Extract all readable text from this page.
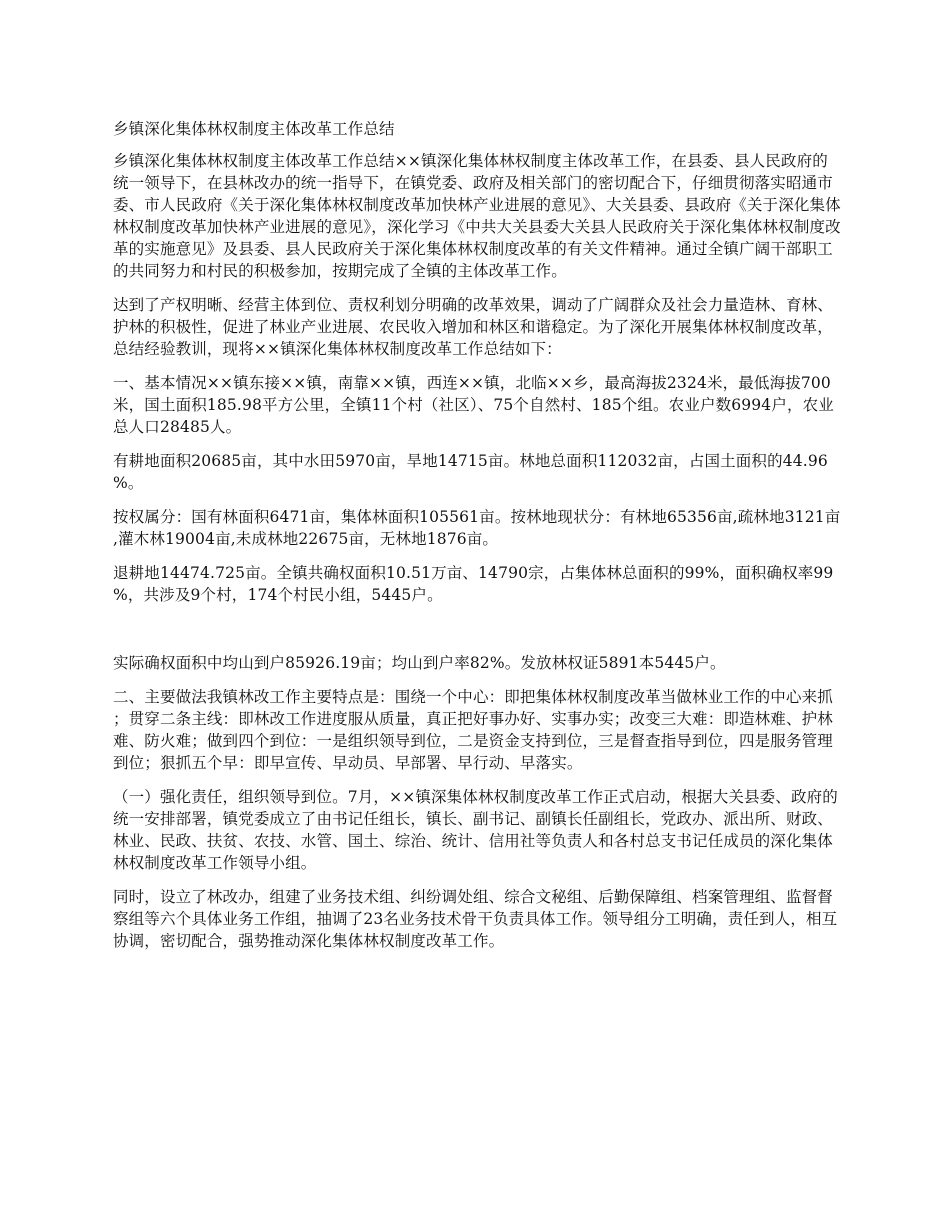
乡镇深化集体林权制度主体改革工作总结

乡镇深化集体林权制度主体改革工作总结××镇深化集体林权制度主体改革工作，在县委、县人民政府的统一领导下，在县林改办的统一指导下，在镇党委、政府及相关部门的密切配合下，仔细贯彻落实昭通市委、市人民政府《关于深化集体林权制度改革加快林产业进展的意见》、大关县委、县政府《关于深化集体林权制度改革加快林产业进展的意见》，深化学习《中共大关县委大关县人民政府关于深化集体林权制度改革的实施意见》及县委、县人民政府关于深化集体林权制度改革的有关文件精神。通过全镇广阔干部职工的共同努力和村民的积极参加，按期完成了全镇的主体改革工作。

达到了产权明晰、经营主体到位、责权利划分明确的改革效果，调动了广阔群众及社会力量造林、育林、护林的积极性，促进了林业产业进展、农民收入增加和林区和谐稳定。为了深化开展集体林权制度改革，总结经验教训，现将××镇深化集体林权制度改革工作总结如下：

一、基本情况××镇东接××镇，南靠××镇，西连××镇，北临××乡，最高海拔2324米，最低海拔700米，国土面积185.98平方公里，全镇11个村（社区）、75个自然村、185个组。农业户数6994户，农业总人口28485人。

有耕地面积20685亩，其中水田5970亩，旱地14715亩。林地总面积112032亩，占国土面积的44.96%。

按权属分：国有林面积6471亩，集体林面积105561亩。按林地现状分：有林地65356亩,疏林地3121亩,灌木林19004亩,未成林地22675亩，无林地1876亩。

退耕地14474.725亩。全镇共确权面积10.51万亩、14790宗，占集体林总面积的99%，面积确权率99%，共涉及9个村，174个村民小组，5445户。

实际确权面积中均山到户85926.19亩；均山到户率82%。发放林权证5891本5445户。

二、主要做法我镇林改工作主要特点是：围绕一个中心：即把集体林权制度改革当做林业工作的中心来抓；贯穿二条主线：即林改工作进度服从质量，真正把好事办好、实事办实；改变三大难：即造林难、护林难、防火难；做到四个到位：一是组织领导到位，二是资金支持到位，三是督查指导到位，四是服务管理到位；狠抓五个早：即早宣传、早动员、早部署、早行动、早落实。

（一）强化责任，组织领导到位。7月，××镇深集体林权制度改革工作正式启动，根据大关县委、政府的统一安排部署，镇党委成立了由书记任组长，镇长、副书记、副镇长任副组长，党政办、派出所、财政、林业、民政、扶贫、农技、水管、国土、综治、统计、信用社等负责人和各村总支书记任成员的深化集体林权制度改革工作领导小组。

同时，设立了林改办，组建了业务技术组、纠纷调处组、综合文秘组、后勤保障组、档案管理组、监督督察组等六个具体业务工作组，抽调了23名业务技术骨干负责具体工作。领导组分工明确，责任到人，相互协调，密切配合，强势推动深化集体林权制度改革工作。
